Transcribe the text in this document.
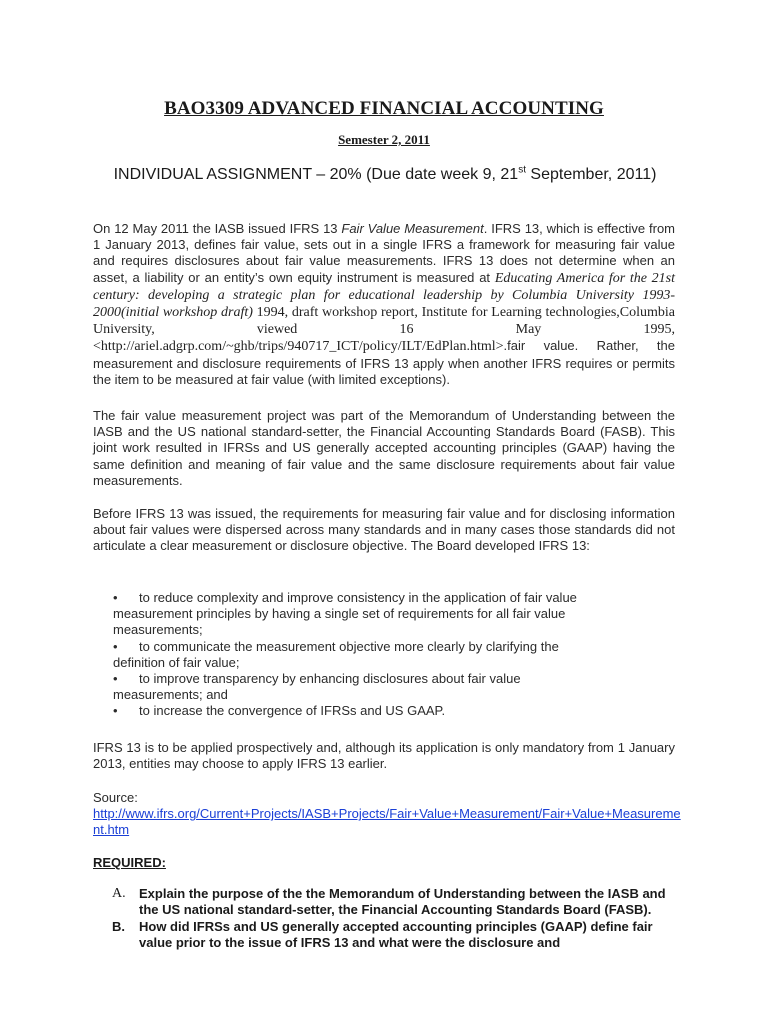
BAO3309 ADVANCED FINANCIAL ACCOUNTING
Semester 2, 2011
INDIVIDUAL ASSIGNMENT – 20% (Due date week 9, 21st September, 2011)
On 12 May 2011 the IASB issued IFRS 13 Fair Value Measurement. IFRS 13, which is effective from 1 January 2013, defines fair value, sets out in a single IFRS a framework for measuring fair value and requires disclosures about fair value measurements. IFRS 13 does not determine when an asset, a liability or an entity’s own equity instrument is measured at Educating America for the 21st century: developing a strategic plan for educational leadership by Columbia University 1993-2000(initial workshop draft) 1994, draft workshop report, Institute for Learning technologies,Columbia University, viewed 16 May 1995, <http://ariel.adgrp.com/~ghb/trips/940717_ICT/policy/ILT/EdPlan.html>.fair value. Rather, the measurement and disclosure requirements of IFRS 13 apply when another IFRS requires or permits the item to be measured at fair value (with limited exceptions).
The fair value measurement project was part of the Memorandum of Understanding between the IASB and the US national standard-setter, the Financial Accounting Standards Board (FASB). This joint work resulted in IFRSs and US generally accepted accounting principles (GAAP) having the same definition and meaning of fair value and the same disclosure requirements about fair value measurements.
Before IFRS 13 was issued, the requirements for measuring fair value and for disclosing information about fair values were dispersed across many standards and in many cases those standards did not articulate a clear measurement or disclosure objective. The Board developed IFRS 13:
• to reduce complexity and improve consistency in the application of fair value

measurement principles by having a single set of requirements for all fair value measurements;
• to communicate the measurement objective more clearly by clarifying the

definition of fair value;
• to improve transparency by enhancing disclosures about fair value

measurements; and
• to increase the convergence of IFRSs and US GAAP.
IFRS 13 is to be applied prospectively and, although its application is only mandatory from 1 January 2013, entities may choose to apply IFRS 13 earlier.
Source:
http://www.ifrs.org/Current+Projects/IASB+Projects/Fair+Value+Measurement/Fair+Value+Measurement.htm
REQUIRED:
A. Explain the purpose of the the Memorandum of Understanding between the IASB and the US national standard-setter, the Financial Accounting Standards Board (FASB).
B. How did IFRSs and US generally accepted accounting principles (GAAP) define fair value prior to the issue of IFRS 13 and what were the disclosure and
